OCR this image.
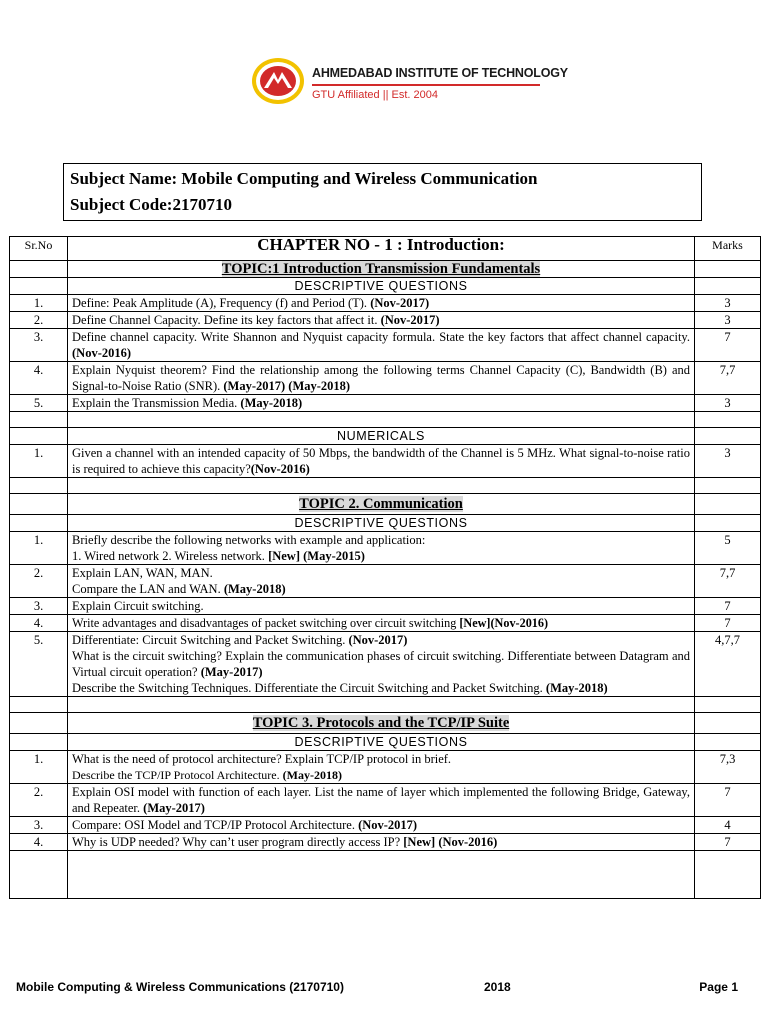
AHMEDABAD INSTITUTE OF TECHNOLOGY
GTU Affiliated || Est. 2004
Subject Name: Mobile Computing and Wireless Communication
Subject Code:2170710
Sr.No	CHAPTER NO - 1 : Introduction:	Marks
	TOPIC:1 Introduction Transmission Fundamentals	
	DESCRIPTIVE QUESTIONS	
1.	Define: Peak Amplitude (A), Frequency (f) and Period (T). (Nov-2017)	3
2.	Define Channel Capacity. Define its key factors that affect it. (Nov-2017)	3
3.	Define channel capacity. Write Shannon and Nyquist capacity formula. State the key factors that affect channel capacity.(Nov-2016)	7
4.	Explain Nyquist theorem? Find the relationship among the following terms Channel Capacity (C), Bandwidth (B) and Signal-to-Noise Ratio (SNR). (May-2017) (May-2018)	7,7
5.	Explain the Transmission Media. (May-2018)	3

	NUMERICALS	
1.	Given a channel with an intended capacity of 50 Mbps, the bandwidth of the Channel is 5 MHz. What signal-to-noise ratio is required to achieve this capacity?(Nov-2016)	3

	TOPIC 2. Communication	
	DESCRIPTIVE QUESTIONS	
1.	Briefly describe the following networks with example and application:
1. Wired network 2. Wireless network. [New] (May-2015)	5
2.	Explain LAN, WAN, MAN.
Compare the LAN and WAN. (May-2018)	7,7
3.	Explain Circuit switching.	7
4.	Write advantages and disadvantages of packet switching over circuit switching [New](Nov-2016)	7
5.	Differentiate: Circuit Switching and Packet Switching. (Nov-2017)
What is the circuit switching? Explain the communication phases of circuit switching. Differentiate between Datagram and Virtual circuit operation? (May-2017)
Describe the Switching Techniques. Differentiate the Circuit Switching and Packet Switching. (May-2018)	4,7,7

	TOPIC 3. Protocols and the TCP/IP Suite	
	DESCRIPTIVE QUESTIONS	
1.	What is the need of protocol architecture? Explain TCP/IP protocol in brief.
Describe the TCP/IP Protocol Architecture. (May-2018)	7,3
2.	Explain OSI model with function of each layer. List the name of layer which implemented the following Bridge, Gateway, and Repeater. (May-2017)	7
3.	Compare: OSI Model and TCP/IP Protocol Architecture. (Nov-2017)	4
4.	Why is UDP needed? Why can’t user program directly access IP? [New] (Nov-2016)	7

Mobile Computing & Wireless Communications (2170710)	2018	Page 1
